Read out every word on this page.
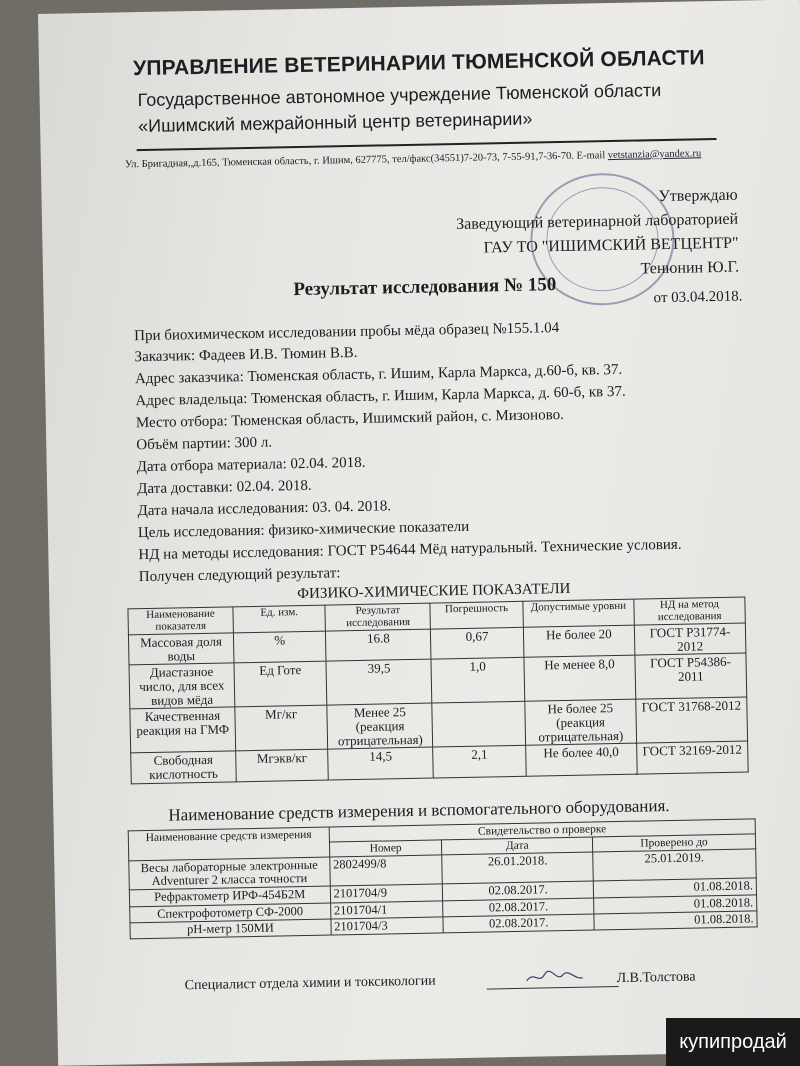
УПРАВЛЕНИЕ ВЕТЕРИНАРИИ ТЮМЕНСКОЙ ОБЛАСТИ
Государственное автономное учреждение Тюменской области
«Ишимский межрайонный центр ветеринарии»
Ул. Бригадная,,д.165, Тюменская область, г. Ишим, 627775, тел/факс(34551)7-20-73, 7-55-91,7-36-70. E-mail vetstanzia@yandex.ru
Утверждаю
Заведующий ветеринарной лабораторией
ГАУ ТО "ИШИМСКИЙ ВЕТЦЕНТР"
Тенюнин Ю.Г.
Результат исследования № 150	от 03.04.2018.
При биохимическом исследовании пробы мёда образец №155.1.04
Заказчик: Фадеев И.В. Тюмин В.В.
Адрес заказчика: Тюменская область, г. Ишим, Карла Маркса, д.60-б, кв. 37.
Адрес владельца: Тюменская область, г. Ишим, Карла Маркса, д. 60-б, кв 37.
Место отбора: Тюменская область, Ишимский район, с. Мизоново.
Объём партии: 300 л.
Дата отбора материала: 02.04. 2018.
Дата доставки: 02.04. 2018.
Дата начала исследования: 03. 04. 2018.
Цель исследования: физико-химические показатели
НД на методы исследования: ГОСТ Р54644 Мёд натуральный. Технические условия.
Получен следующий результат:
ФИЗИКО-ХИМИЧЕСКИЕ ПОКАЗАТЕЛИ
Наименование показателя	Ед. изм.	Результат исследования	Погрешность	Допустимые уровни	НД на метод исследования
Массовая доля воды	%	16.8	0,67	Не более 20	ГОСТ Р31774-2012
Диастазное число, для всех видов мёда	Ед Готе	39,5	1,0	Не менее 8,0	ГОСТ Р54386-2011
Качественная реакция на ГМФ	Мг/кг	Менее 25 (реакция отрицательная)		Не более 25 (реакция отрицательная)	ГОСТ 31768-2012
Свободная кислотность	Мгэкв/кг	14,5	2,1	Не более 40,0	ГОСТ 32169-2012
Наименование средств измерения и вспомогательного оборудования.
Наименование средств измерения	Свидетельство о проверке		
	Номер	Дата	Проверено до
Весы лабораторные электронные Adventurer 2 класса точности	2802499/8	26.01.2018.	25.01.2019.
Рефрактометр ИРФ-454Б2М	2101704/9	02.08.2017.	01.08.2018.
Спектрофотометр СФ-2000	2101704/1	02.08.2017.	01.08.2018.
pH-метр 150МИ	2101704/3	02.08.2017.	01.08.2018.
Специалист отдела химии и токсикологии	Л.В.Толстова
купипродай
